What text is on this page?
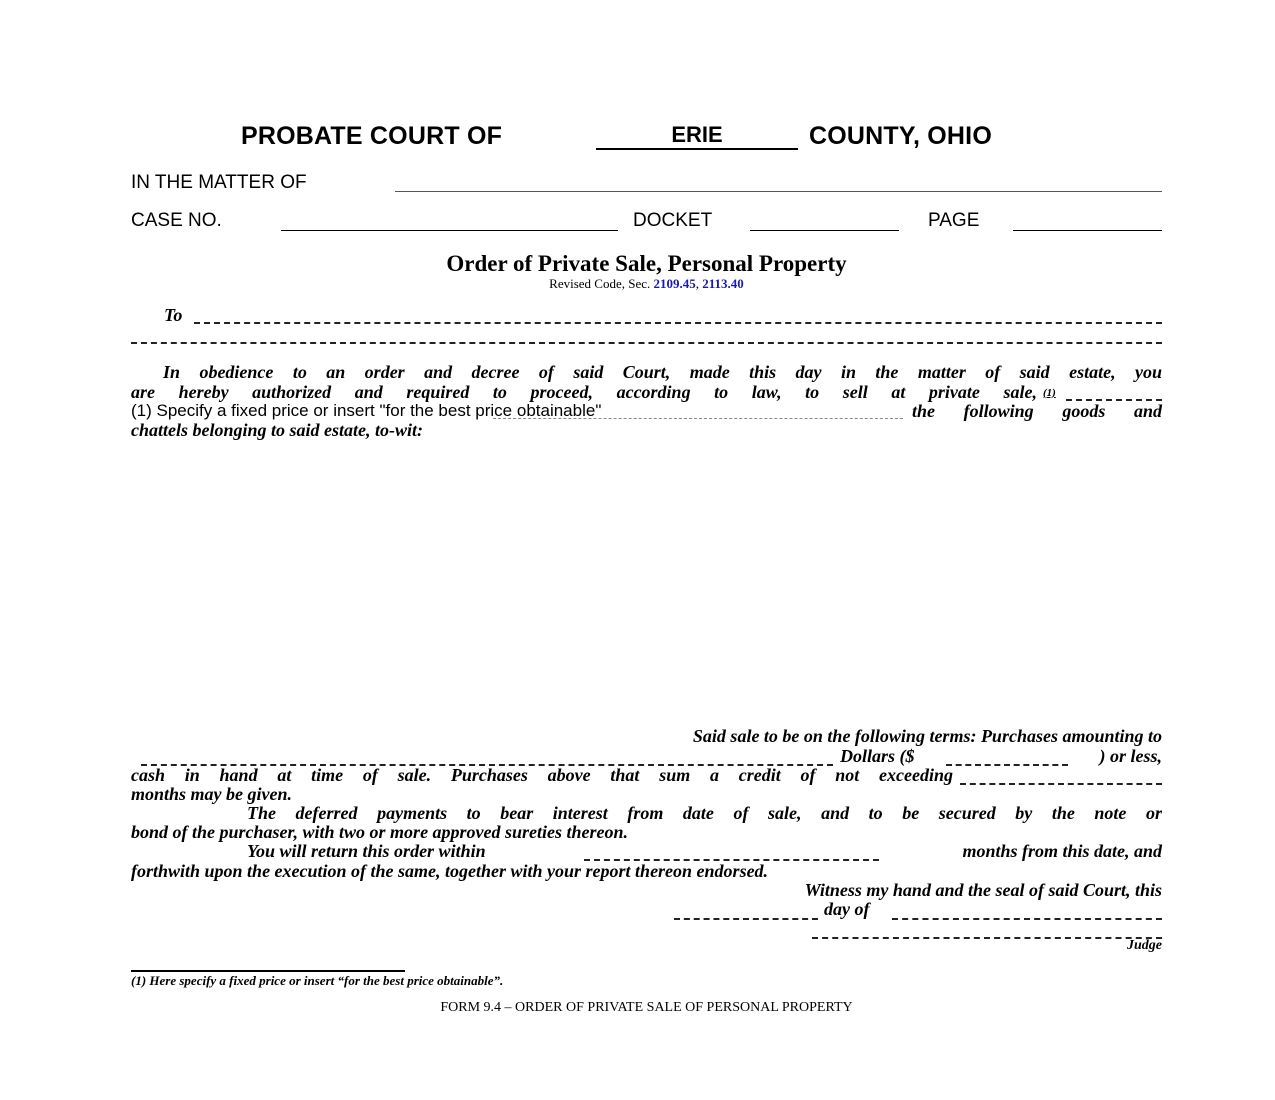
PROBATE COURT OF	ERIE	COUNTY, OHIO
IN THE MATTER OF
CASE NO.	DOCKET	PAGE
Order of Private Sale, Personal Property
Revised Code, Sec. 2109.45, 2113.40
To
In obedience to an order and decree of said Court, made this day in the matter of said estate, you
are hereby authorized and required to proceed, according to law, to sell at private sale, (1)
(1) Specify a fixed price or insert "for the best price obtainable"	the following goods and
chattels belonging to said estate, to-wit:
Said sale to be on the following terms: Purchases amounting to
Dollars ($	) or less,
cash in hand at time of sale. Purchases above that sum a credit of not exceeding
months may be given.
The deferred payments to bear interest from date of sale, and to be secured by the note or
bond of the purchaser, with two or more approved sureties thereon.
You will return this order within	months from this date, and
forthwith upon the execution of the same, together with your report thereon endorsed.
Witness my hand and the seal of said Court, this
day of
Judge
(1) Here specify a fixed price or insert “for the best price obtainable”.
FORM 9.4 – ORDER OF PRIVATE SALE OF PERSONAL PROPERTY
